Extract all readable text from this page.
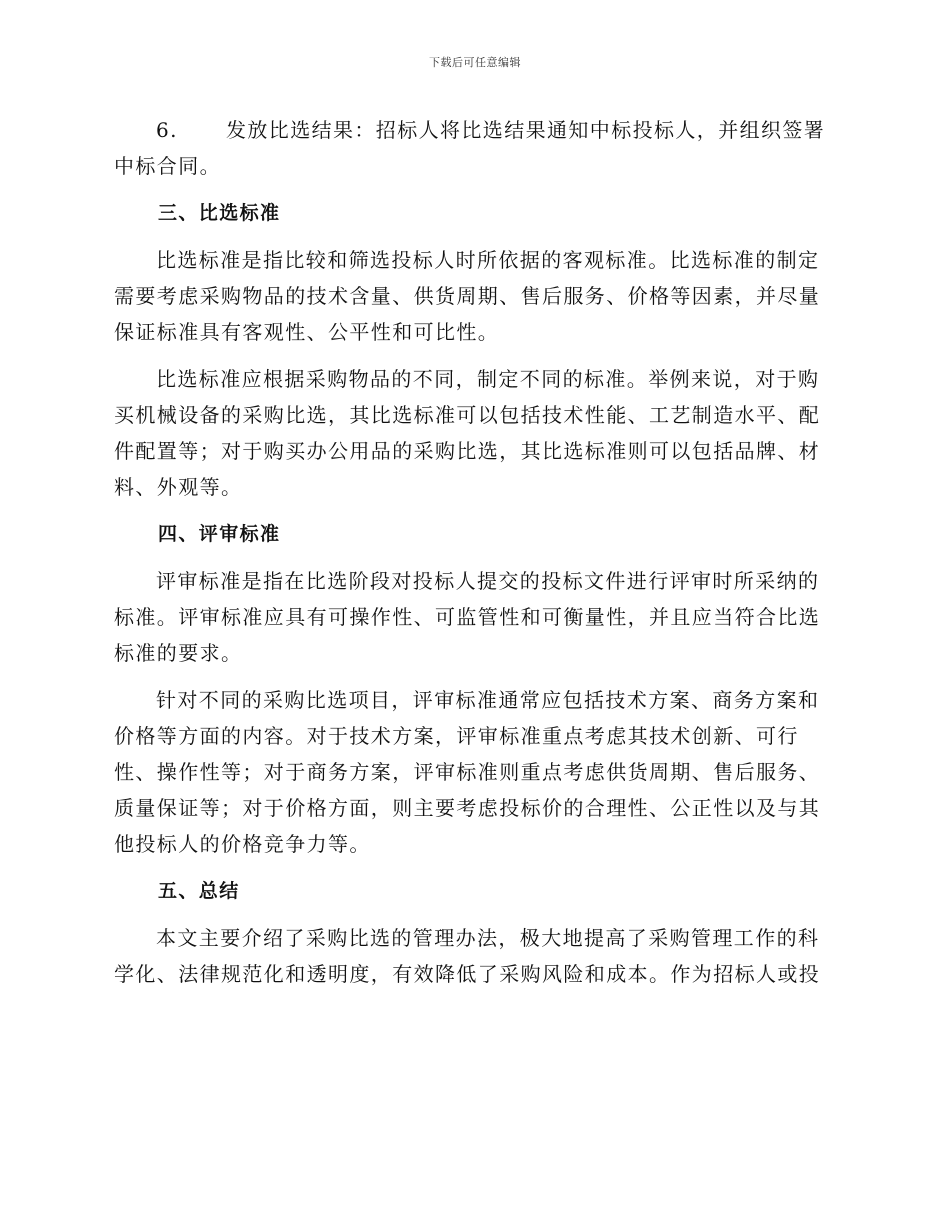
下载后可任意编辑

6. 发放比选结果：招标人将比选结果通知中标投标人，并组织签署中标合同。

三、比选标准

比选标准是指比较和筛选投标人时所依据的客观标准。比选标准的制定需要考虑采购物品的技术含量、供货周期、售后服务、价格等因素，并尽量保证标准具有客观性、公平性和可比性。

比选标准应根据采购物品的不同，制定不同的标准。举例来说，对于购买机械设备的采购比选，其比选标准可以包括技术性能、工艺制造水平、配件配置等；对于购买办公用品的采购比选，其比选标准则可以包括品牌、材料、外观等。

四、评审标准

评审标准是指在比选阶段对投标人提交的投标文件进行评审时所采纳的标准。评审标准应具有可操作性、可监管性和可衡量性，并且应当符合比选标准的要求。

针对不同的采购比选项目，评审标准通常应包括技术方案、商务方案和价格等方面的内容。对于技术方案，评审标准重点考虑其技术创新、可行性、操作性等；对于商务方案，评审标准则重点考虑供货周期、售后服务、质量保证等；对于价格方面，则主要考虑投标价的合理性、公正性以及与其他投标人的价格竞争力等。

五、总结

本文主要介绍了采购比选的管理办法，极大地提高了采购管理工作的科学化、法律规范化和透明度，有效降低了采购风险和成本。作为招标人或投
